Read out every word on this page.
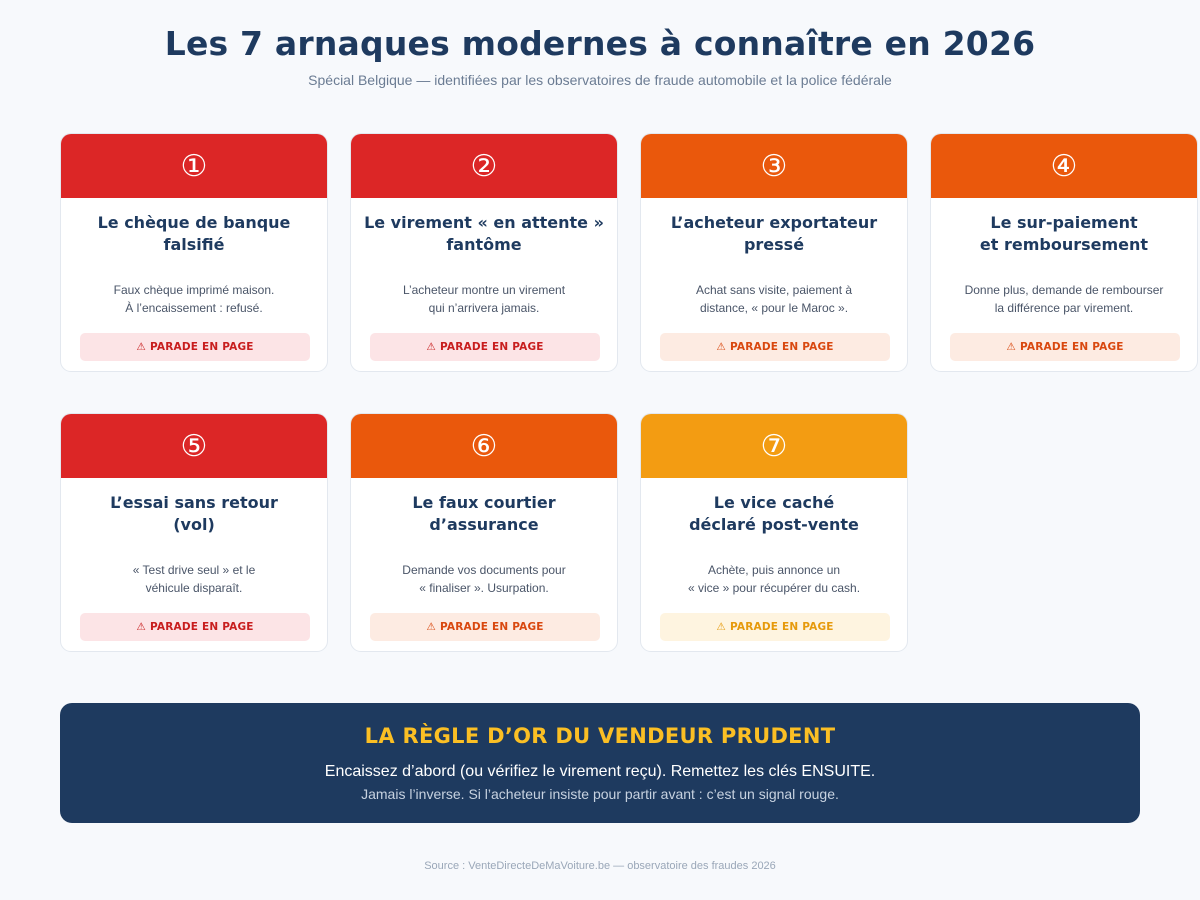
Les 7 arnaques modernes à connaître en 2026
Spécial Belgique — identifiées par les observatoires de fraude automobile et la police fédérale
①
Le chèque de banque
falsifié
Faux chèque imprimé maison.
À l’encaissement : refusé.
⚠ PARADE EN PAGE
②
Le virement « en attente »
fantôme
L’acheteur montre un virement
qui n’arrivera jamais.
⚠ PARADE EN PAGE
③
L’acheteur exportateur
pressé
Achat sans visite, paiement à
distance, « pour le Maroc ».
⚠ PARADE EN PAGE
④
Le sur-paiement
et remboursement
Donne plus, demande de rembourser
la différence par virement.
⚠ PARADE EN PAGE
⑤
L’essai sans retour
(vol)
« Test drive seul » et le
véhicule disparaît.
⚠ PARADE EN PAGE
⑥
Le faux courtier
d’assurance
Demande vos documents pour
« finaliser ». Usurpation.
⚠ PARADE EN PAGE
⑦
Le vice caché
déclaré post-vente
Achète, puis annonce un
« vice » pour récupérer du cash.
⚠ PARADE EN PAGE
LA RÈGLE D’OR DU VENDEUR PRUDENT
Encaissez d’abord (ou vérifiez le virement reçu). Remettez les clés ENSUITE.
Jamais l’inverse. Si l’acheteur insiste pour partir avant : c’est un signal rouge.
Source : VenteDirecteDeMaVoiture.be — observatoire des fraudes 2026
